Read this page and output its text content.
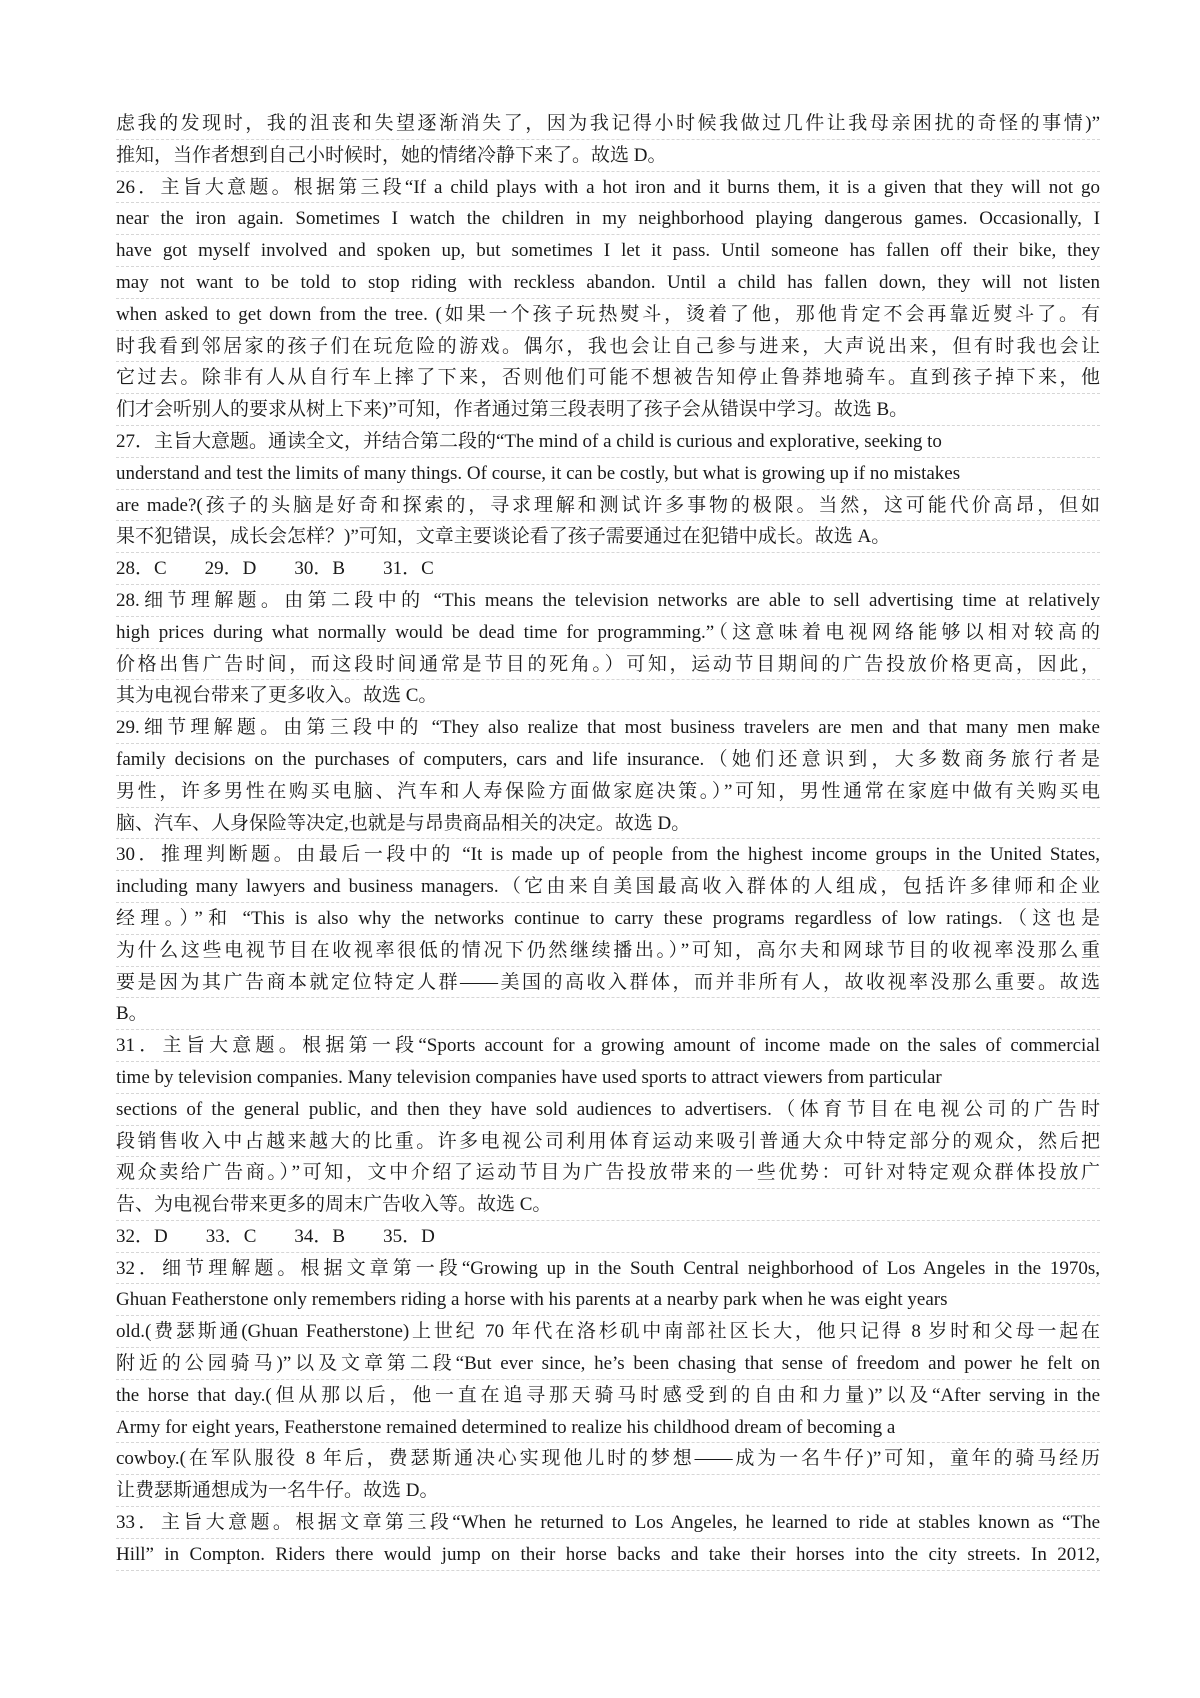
虑我的发现时，我的沮丧和失望逐渐消失了，因为我记得小时候我做过几件让我母亲困扰的奇怪的事情)”
推知，当作者想到自己小时候时，她的情绪冷静下来了。故选 D。
26．主旨大意题。根据第三段“If a child plays with a hot iron and it burns them, it is a given that they will not go
near the iron again. Sometimes I watch the children in my neighborhood playing dangerous games. Occasionally, I
have got myself involved and spoken up, but sometimes I let it pass. Until someone has fallen off their bike, they
may not want to be told to stop riding with reckless abandon. Until a child has fallen down, they will not listen
when asked to get down from the tree. (如果一个孩子玩热熨斗，烫着了他，那他肯定不会再靠近熨斗了。有
时我看到邻居家的孩子们在玩危险的游戏。偶尔，我也会让自己参与进来，大声说出来，但有时我也会让
它过去。除非有人从自行车上摔了下来，否则他们可能不想被告知停止鲁莽地骑车。直到孩子掉下来，他
们才会听别人的要求从树上下来)”可知，作者通过第三段表明了孩子会从错误中学习。故选 B。
27．主旨大意题。通读全文，并结合第二段的“The mind of a child is curious and explorative, seeking to
understand and test the limits of many things. Of course, it can be costly, but what is growing up if no mistakes
are made?(孩子的头脑是好奇和探索的，寻求理解和测试许多事物的极限。当然，这可能代价高昂，但如
果不犯错误，成长会怎样？)”可知，文章主要谈论看了孩子需要通过在犯错中成长。故选 A。
28．C　　29．D　　30．B　　31．C
28.细节理解题。由第二段中的 “This means the television networks are able to sell advertising time at relatively
high prices during what normally would be dead time for programming.”（这意味着电视网络能够以相对较高的
价格出售广告时间，而这段时间通常是节目的死角。）可知，运动节目期间的广告投放价格更高，因此，
其为电视台带来了更多收入。故选 C。
29.细节理解题。由第三段中的 “They also realize that most business travelers are men and that many men make
family decisions on the purchases of computers, cars and life insurance.（她们还意识到，大多数商务旅行者是
男性，许多男性在购买电脑、汽车和人寿保险方面做家庭决策。）”可知，男性通常在家庭中做有关购买电
脑、汽车、人身保险等决定,也就是与昂贵商品相关的决定。故选 D。
30．推理判断题。由最后一段中的 “It is made up of people from the highest income groups in the United States,
including many lawyers and business managers.（它由来自美国最高收入群体的人组成，包括许多律师和企业
经理。）”和 “This is also why the networks continue to carry these programs regardless of low ratings.（这也是
为什么这些电视节目在收视率很低的情况下仍然继续播出。）”可知，高尔夫和网球节目的收视率没那么重
要是因为其广告商本就定位特定人群——美国的高收入群体，而并非所有人，故收视率没那么重要。故选
B。
31．主旨大意题。根据第一段“Sports account for a growing amount of income made on the sales of commercial
time by television companies. Many television companies have used sports to attract viewers from particular
sections of the general public, and then they have sold audiences to advertisers.（体育节目在电视公司的广告时
段销售收入中占越来越大的比重。许多电视公司利用体育运动来吸引普通大众中特定部分的观众，然后把
观众卖给广告商。）”可知，文中介绍了运动节目为广告投放带来的一些优势：可针对特定观众群体投放广
告、为电视台带来更多的周末广告收入等。故选 C。
32．D　　33．C　　34．B　　35．D
32．细节理解题。根据文章第一段“Growing up in the South Central neighborhood of Los Angeles in the 1970s,
Ghuan Featherstone only remembers riding a horse with his parents at a nearby park when he was eight years
old.(费瑟斯通(Ghuan Featherstone)上世纪 70 年代在洛杉矶中南部社区长大，他只记得 8 岁时和父母一起在
附近的公园骑马)”以及文章第二段“But ever since, he’s been chasing that sense of freedom and power he felt on
the horse that day.(但从那以后，他一直在追寻那天骑马时感受到的自由和力量)”以及“After serving in the
Army for eight years, Featherstone remained determined to realize his childhood dream of becoming a
cowboy.(在军队服役 8 年后，费瑟斯通决心实现他儿时的梦想——成为一名牛仔)”可知，童年的骑马经历
让费瑟斯通想成为一名牛仔。故选 D。
33．主旨大意题。根据文章第三段“When he returned to Los Angeles, he learned to ride at stables known as “The
Hill” in Compton. Riders there would jump on their horse backs and take their horses into the city streets. In 2012,
